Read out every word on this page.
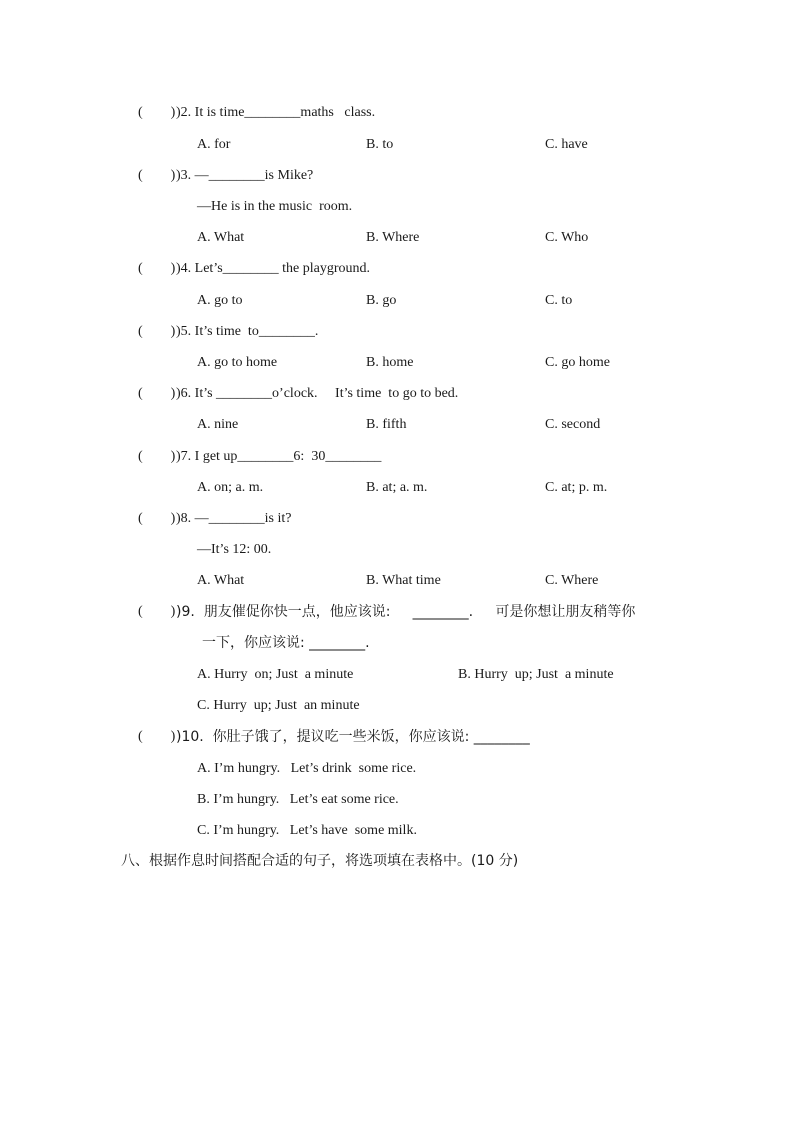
(        ) )2. It is time________maths   class.
A. for	B. to	C. have
(        ) )3. —________is Mike?
—He is in the music  room.
A. What	B. Where	C. Who
(        ) )4. Let’s________ the playground.
A. go to	B. go	C. to
(        ) )5. It’s time  to________.
A. go to home	B. home	C. go home
(        ) )6. It’s ________o’clock.     It’s time  to go to bed.
A. nine	B. fifth	C. second
(        ) )7. I get up________6:  30________
A. on; a. m.	B. at; a. m.	C. at; p. m.
(        ) )8. —________is it?
—It’s 12: 00.
A. What	B. What time	C. Where
(        ) )9.  朋友催促你快一点，他应该说:     ________.     可是你想让朋友稍等你
一下，你应该说: ________.
A. Hurry  on; Just  a minute	B. Hurry  up; Just  a minute
C. Hurry  up; Just  an minute
(        ) )10.  你肚子饿了，提议吃一些米饭，你应该说: ________
A. I’m hungry.   Let’s drink  some rice.
B. I’m hungry.   Let’s eat some rice.
C. I’m hungry.   Let’s have  some milk.
八、根据作息时间搭配合适的句子，将选项填在表格中。(10 分)
